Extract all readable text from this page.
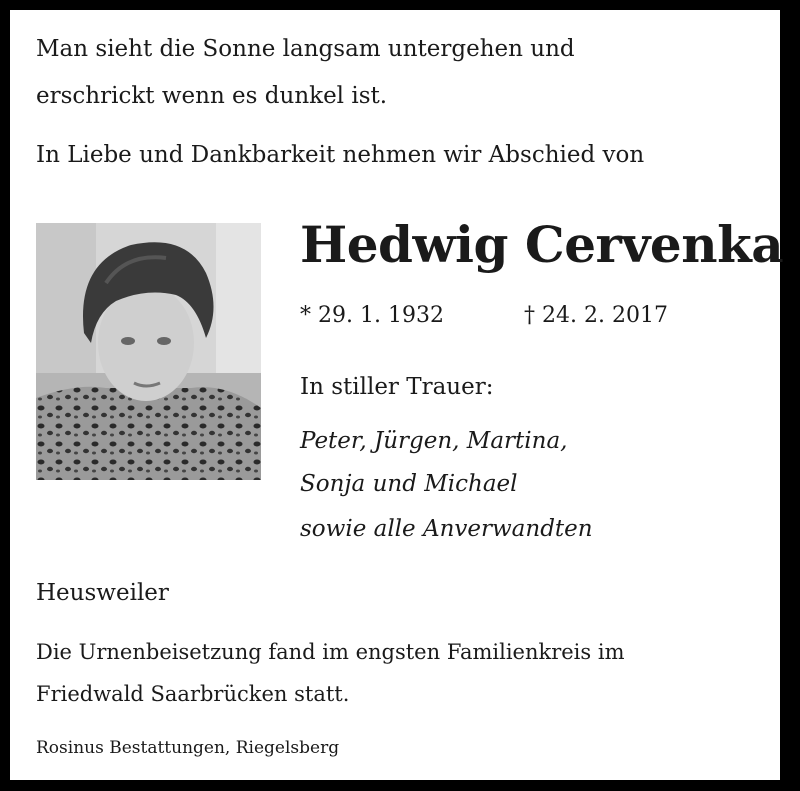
Man sieht die Sonne langsam untergehen und

erschrickt wenn es dunkel ist.

In Liebe und Dankbarkeit nehmen wir Abschied von

Hedwig Cervenka

* 29. 1. 1932	† 24. 2. 2017

In stiller Trauer:

Peter, Jürgen, Martina,

Sonja und Michael

sowie alle Anverwandten

Heusweiler

Die Urnenbeisetzung fand im engsten Familienkreis im

Friedwald Saarbrücken statt.

Rosinus Bestattungen, Riegelsberg
